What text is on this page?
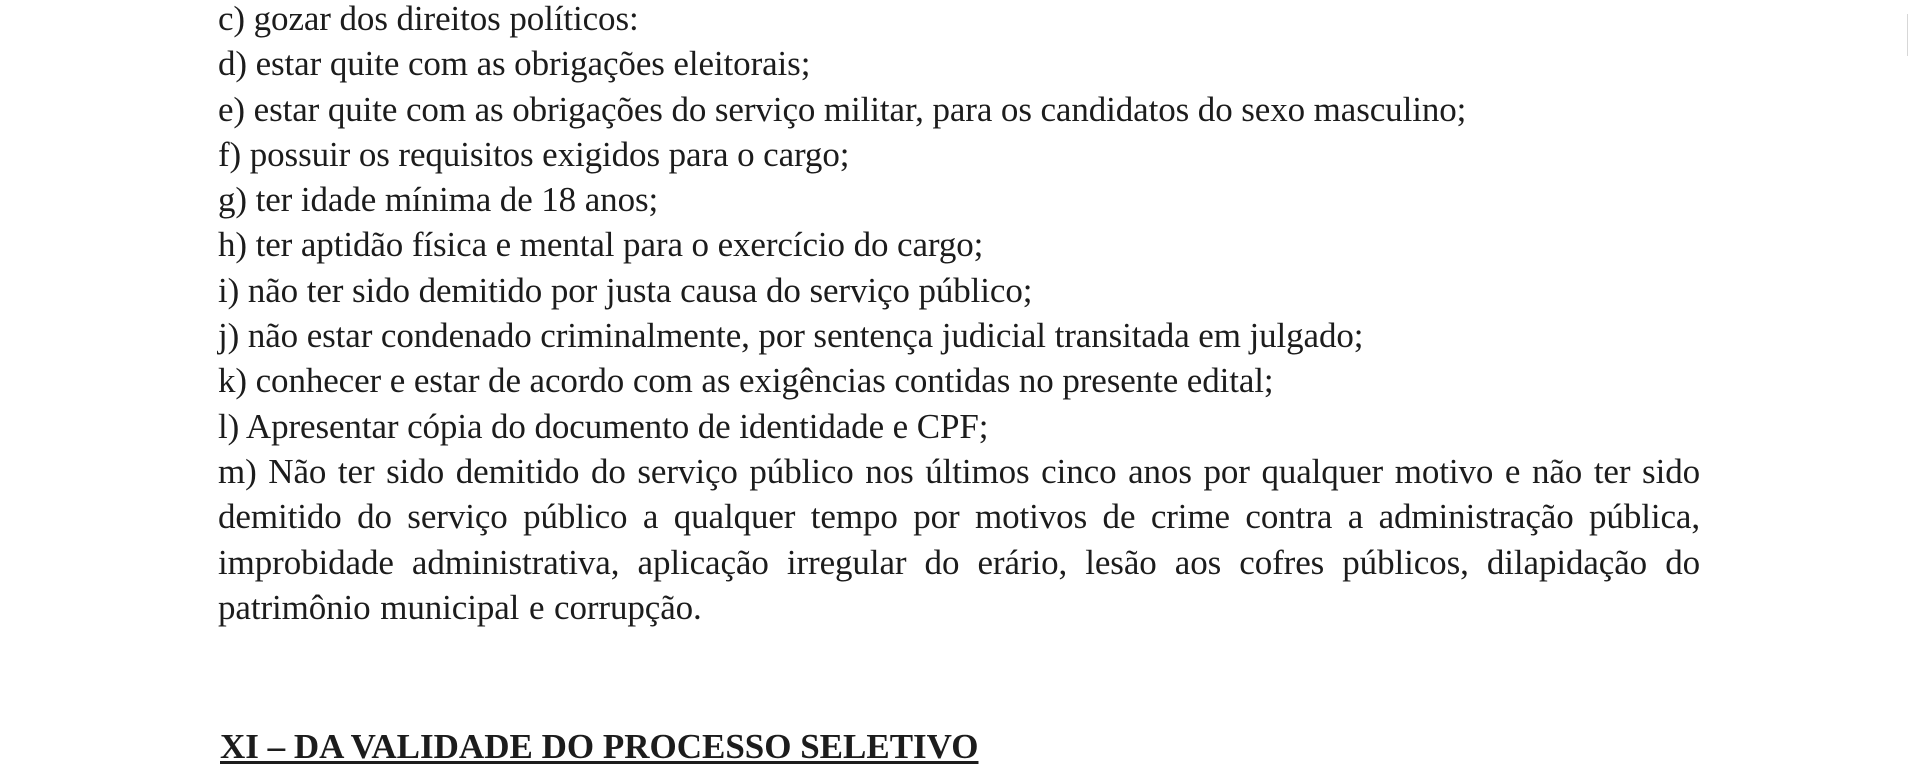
c) gozar dos direitos políticos:
d) estar quite com as obrigações eleitorais;
e) estar quite com as obrigações do serviço militar, para os candidatos do sexo masculino;
f) possuir os requisitos exigidos para o cargo;
g) ter idade mínima de 18 anos;
h) ter aptidão física e mental para o exercício do cargo;
i) não ter sido demitido por justa causa do serviço público;
j) não estar condenado criminalmente, por sentença judicial transitada em julgado;
k) conhecer e estar de acordo com as exigências contidas no presente edital;
l) Apresentar cópia do documento de identidade e CPF;
m) Não ter sido demitido do serviço público nos últimos cinco anos por qualquer motivo e não ter sido demitido do serviço público a qualquer tempo por motivos de crime contra a administração pública, improbidade administrativa, aplicação irregular do erário, lesão aos cofres públicos, dilapidação do patrimônio municipal e corrupção.
XI – DA VALIDADE DO PROCESSO SELETIVO
